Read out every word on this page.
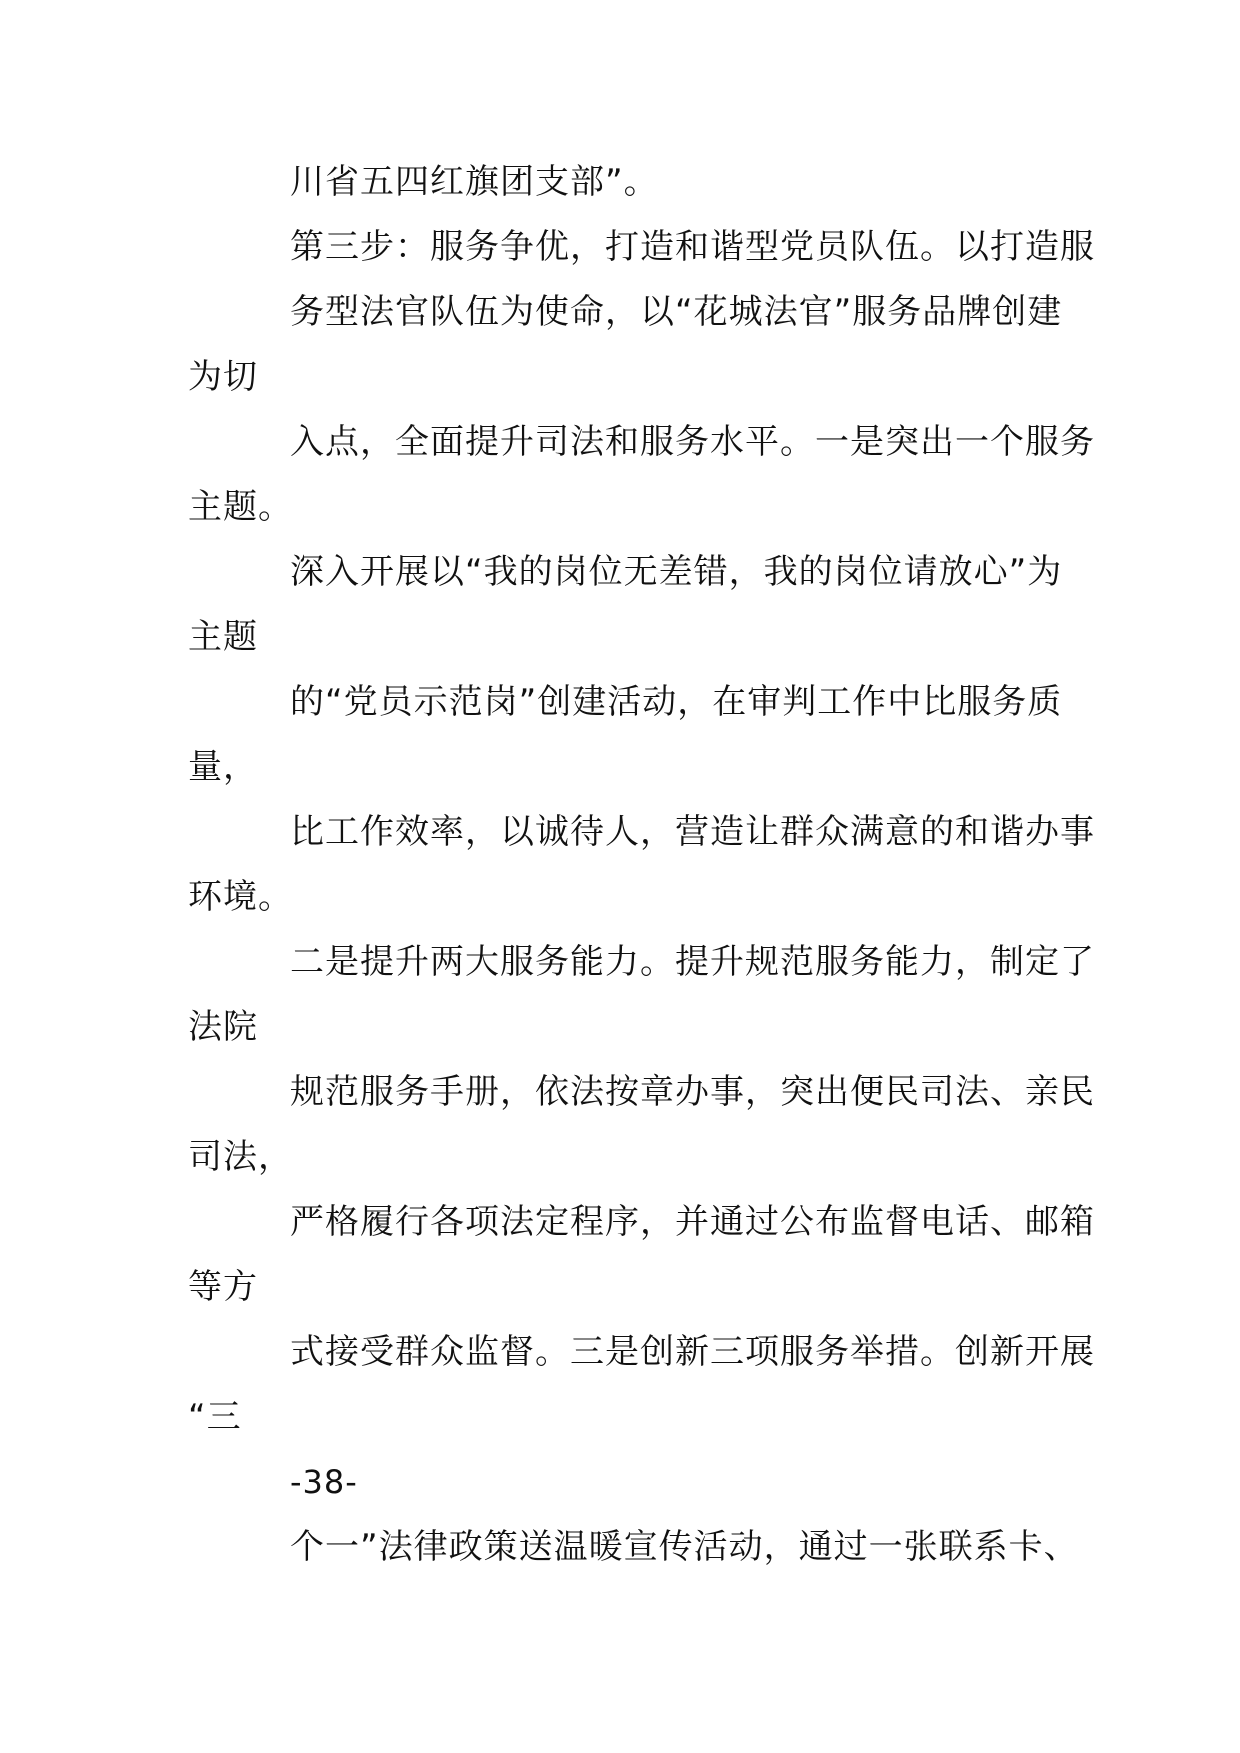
川省五四红旗团支部”。
第三步：服务争优，打造和谐型党员队伍。以打造服
务型法官队伍为使命，以“花城法官”服务品牌创建
为切
入点，全面提升司法和服务水平。一是突出一个服务
主题。
深入开展以“我的岗位无差错，我的岗位请放心”为
主题
的“党员示范岗”创建活动，在审判工作中比服务质
量，
比工作效率，以诚待人，营造让群众满意的和谐办事
环境。
二是提升两大服务能力。提升规范服务能力，制定了
法院
规范服务手册，依法按章办事，突出便民司法、亲民
司法，
严格履行各项法定程序，并通过公布监督电话、邮箱
等方
式接受群众监督。三是创新三项服务举措。创新开展
“三
-38-
个一”法律政策送温暖宣传活动，通过一张联系卡、
